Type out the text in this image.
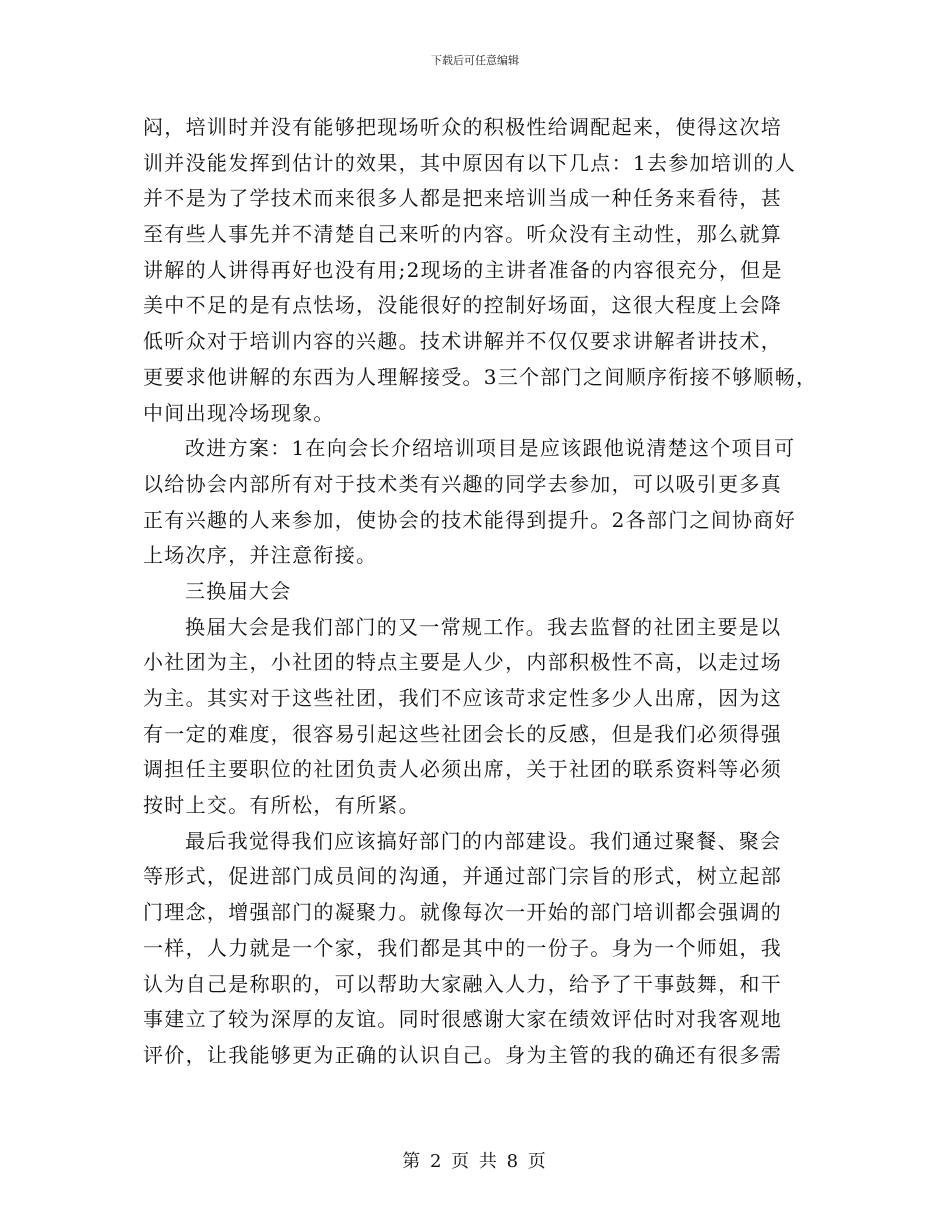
下载后可任意编辑
闷，培训时并没有能够把现场听众的积极性给调配起来，使得这次培
训并没能发挥到估计的效果，其中原因有以下几点：1去参加培训的人
并不是为了学技术而来很多人都是把来培训当成一种任务来看待，甚
至有些人事先并不清楚自己来听的内容。听众没有主动性，那么就算
讲解的人讲得再好也没有用;2现场的主讲者准备的内容很充分，但是
美中不足的是有点怯场，没能很好的控制好场面，这很大程度上会降
低听众对于培训内容的兴趣。技术讲解并不仅仅要求讲解者讲技术，
更要求他讲解的东西为人理解接受。3三个部门之间顺序衔接不够顺畅，
中间出现冷场现象。
改进方案：1在向会长介绍培训项目是应该跟他说清楚这个项目可
以给协会内部所有对于技术类有兴趣的同学去参加，可以吸引更多真
正有兴趣的人来参加，使协会的技术能得到提升。2各部门之间协商好
上场次序，并注意衔接。
三换届大会
换届大会是我们部门的又一常规工作。我去监督的社团主要是以
小社团为主，小社团的特点主要是人少，内部积极性不高，以走过场
为主。其实对于这些社团，我们不应该苛求定性多少人出席，因为这
有一定的难度，很容易引起这些社团会长的反感，但是我们必须得强
调担任主要职位的社团负责人必须出席，关于社团的联系资料等必须
按时上交。有所松，有所紧。
最后我觉得我们应该搞好部门的内部建设。我们通过聚餐、聚会
等形式，促进部门成员间的沟通，并通过部门宗旨的形式，树立起部
门理念，增强部门的凝聚力。就像每次一开始的部门培训都会强调的
一样，人力就是一个家，我们都是其中的一份子。身为一个师姐，我
认为自己是称职的，可以帮助大家融入人力，给予了干事鼓舞，和干
事建立了较为深厚的友谊。同时很感谢大家在绩效评估时对我客观地
评价，让我能够更为正确的认识自己。身为主管的我的确还有很多需
第 2 页 共 8 页
